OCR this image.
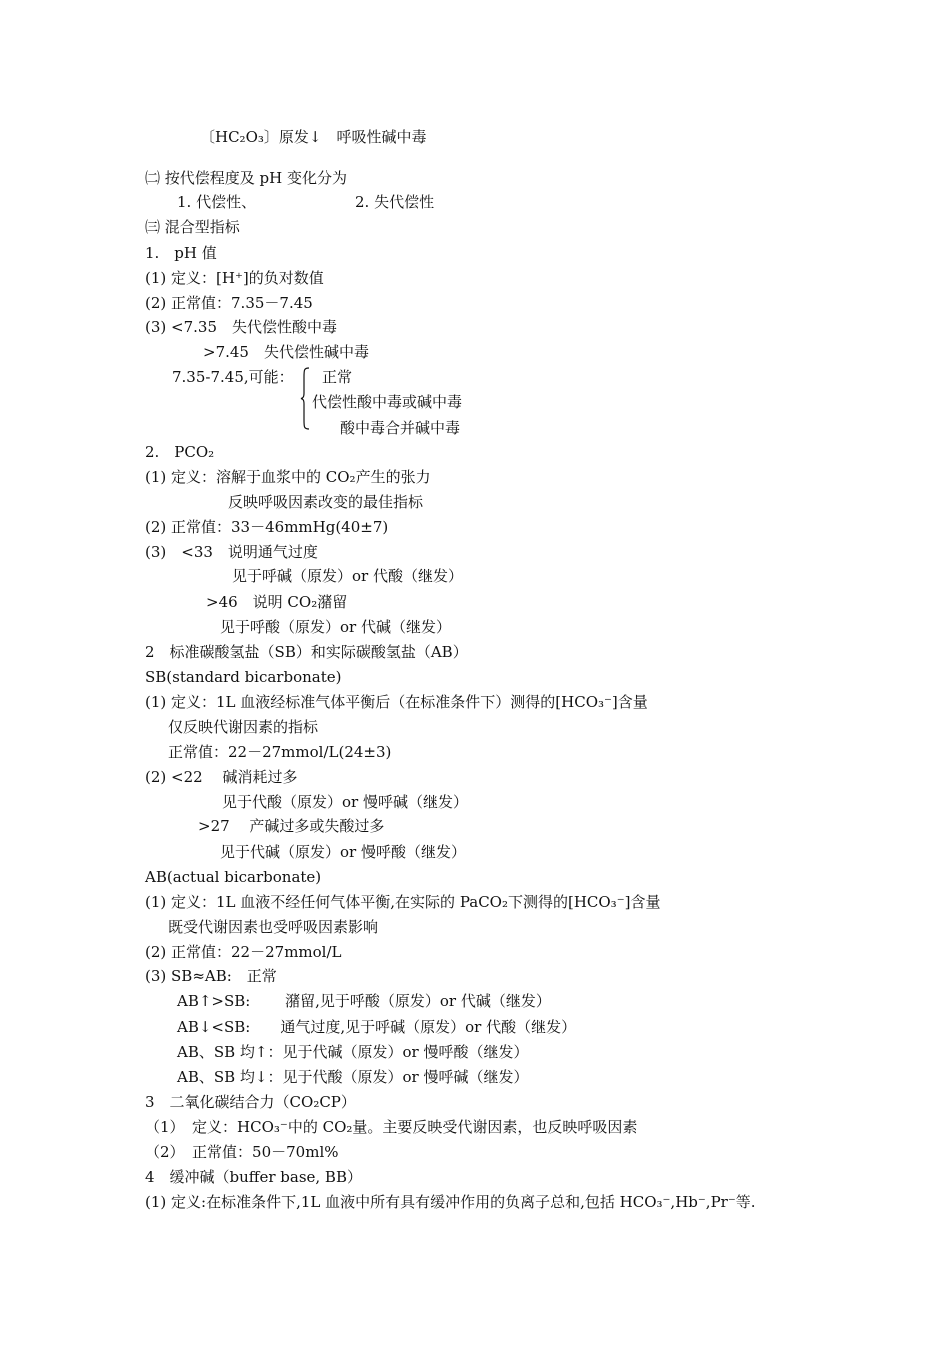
〔HC₂O₃〕原发↓　呼吸性碱中毒
㈡ 按代偿程度及 pH 变化分为
1. 代偿性、	2. 失代偿性
㈢ 混合型指标
1.　pH 值
(1) 定义：[H⁺]的负对数值
(2) 正常值：7.35－7.45
(3) <7.35　失代偿性酸中毒
>7.45　失代偿性碱中毒
7.35-7.45,可能： 正常
代偿性酸中毒或碱中毒
酸中毒合并碱中毒
2.　PCO₂
(1) 定义：溶解于血浆中的 CO₂产生的张力
反映呼吸因素改变的最佳指标
(2) 正常值：33－46mmHg(40±7)
(3)　<33　说明通气过度
见于呼碱（原发）or 代酸（继发）
>46　说明 CO₂潴留
见于呼酸（原发）or 代碱（继发）
2　标准碳酸氢盐（SB）和实际碳酸氢盐（AB）
SB(standard bicarbonate)
(1) 定义：1L 血液经标准气体平衡后（在标准条件下）测得的[HCO₃⁻]含量
仅反映代谢因素的指标
正常值：22－27mmol/L(24±3)
(2) <22　 碱消耗过多
见于代酸（原发）or 慢呼碱（继发）
>27　 产碱过多或失酸过多
见于代碱（原发）or 慢呼酸（继发）
AB(actual bicarbonate)
(1) 定义：1L 血液不经任何气体平衡,在实际的 PaCO₂下测得的[HCO₃⁻]含量
既受代谢因素也受呼吸因素影响
(2) 正常值：22－27mmol/L
(3) SB≈AB:　正常
AB↑>SB:　　 潴留,见于呼酸（原发）or 代碱（继发）
AB↓<SB:　　通气过度,见于呼碱（原发）or 代酸（继发）
AB、SB 均↑：见于代碱（原发）or 慢呼酸（继发）
AB、SB 均↓：见于代酸（原发）or 慢呼碱（继发）
3　二氧化碳结合力（CO₂CP）
（1）　定义：HCO₃⁻中的 CO₂量。主要反映受代谢因素，也反映呼吸因素
（2）　正常值：50－70ml%
4　缓冲碱（buffer base, BB）
(1) 定义:在标准条件下,1L 血液中所有具有缓冲作用的负离子总和,包括 HCO₃⁻,Hb⁻,Pr⁻等.
